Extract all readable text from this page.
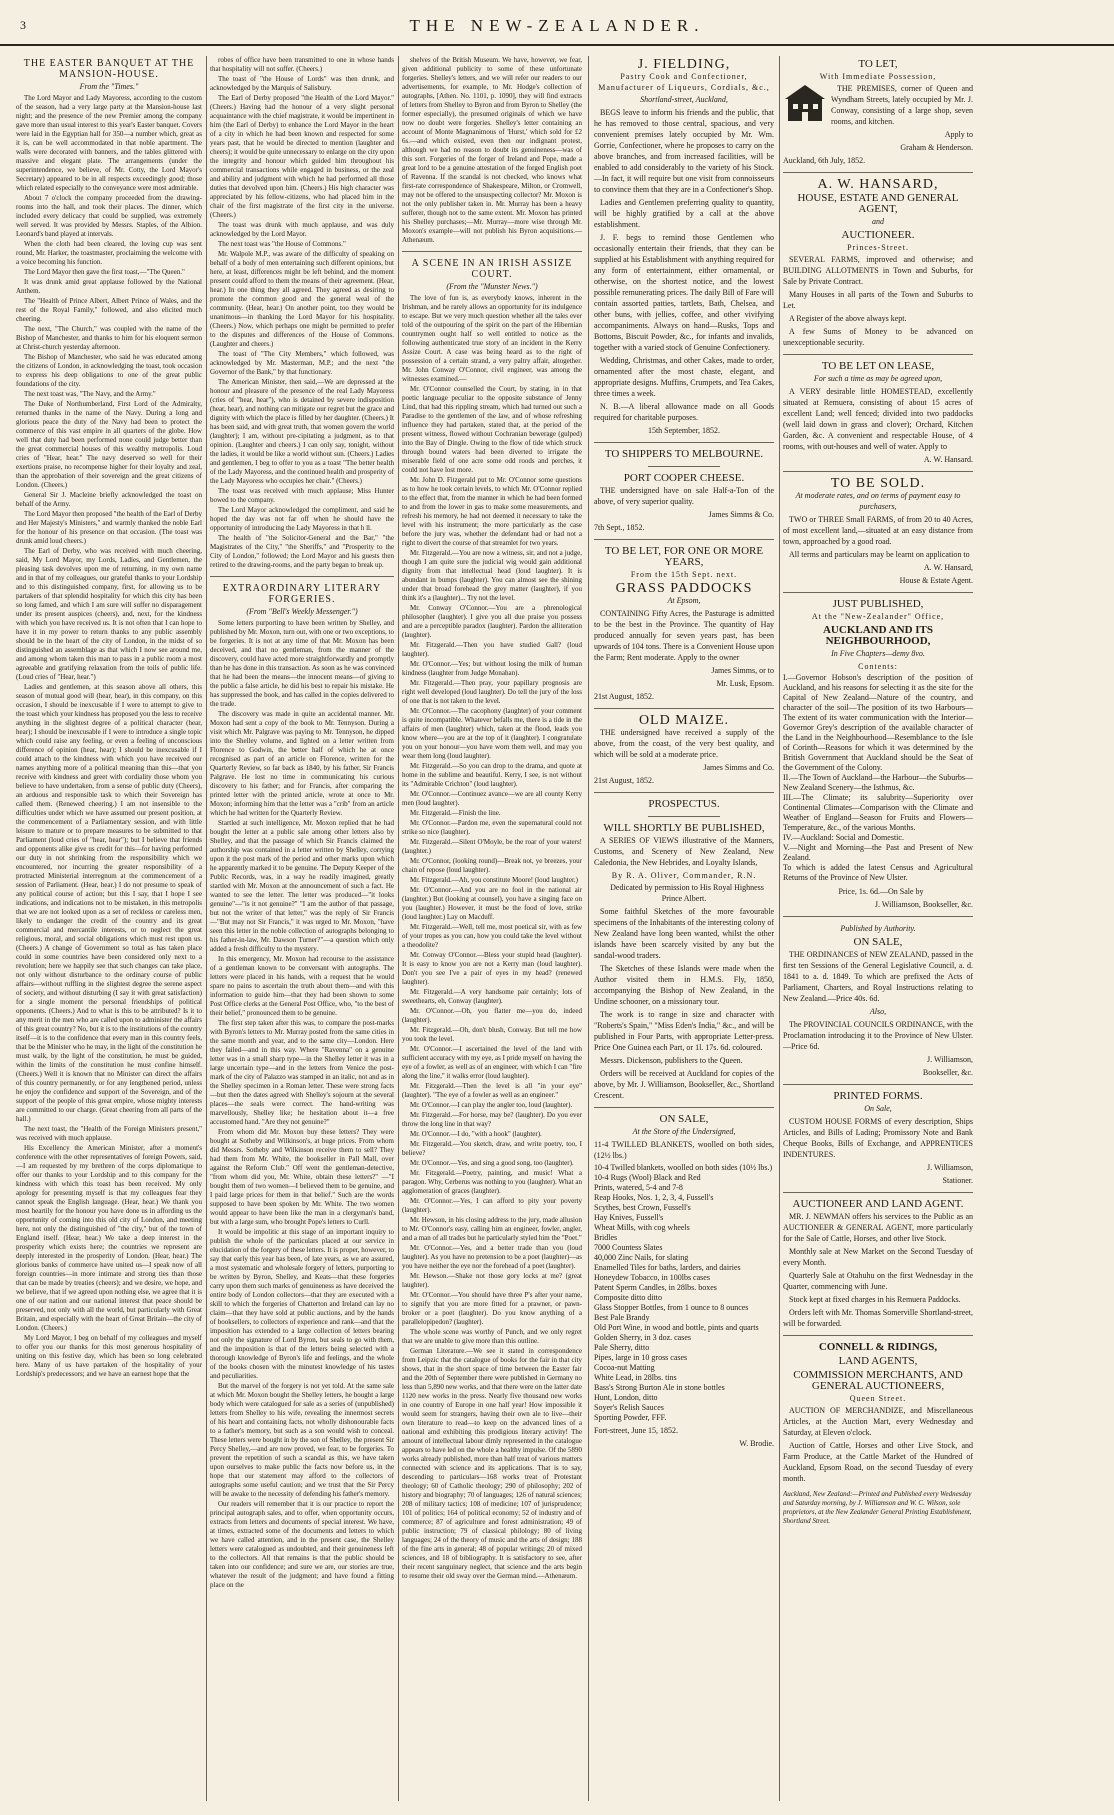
3	THE NEW-ZEALANDER.
THE EASTER BANQUET AT THE MANSION-HOUSE.
From the "Times."

The Lord Mayor and Lady Mayoress, according to the custom of the season, had a very large party at the Mansion-house last night; and the presence of the new Premier among the company gave more than usual interest to this year's Easter banquet. Covers were laid in the Egyptian hall for 350—a number which, great as it is, can be well accommodated in that noble apartment. The walls were decorated with banners, and the tables glittered with massive and elegant plate. The arrangements (under the superintendence, we believe, of Mr. Cotty, the Lord Mayor's Secretary) appeared to be in all respects exceedingly good; those which related especially to the conveyance were most admirable.

About 7 o'clock the company proceeded from the drawing-rooms into the hall, and took their places. The dinner, which included every delicacy that could be supplied, was extremely well served. It was provided by Messrs. Staples, of the Albion. Leonard's band played at intervals.

When the cloth had been cleared, the loving cup was sent round, Mr. Harker, the toastmaster, proclaiming the welcome with a voice becoming his function.

The Lord Mayor then gave the first toast,—"The Queen."

It was drunk amid great applause followed by the National Anthem.

The "Health of Prince Albert, Albert Prince of Wales, and the rest of the Royal Family," followed, and also elicited much cheering.

The next, "The Church," was coupled with the name of the Bishop of Manchester, and thanks to him for his eloquent sermon at Christ-church yesterday afternoon.

The Bishop of Manchester, who said he was educated among the citizens of London, in acknowledging the toast, took occasion to express his deep obligations to one of the great public foundations of the city.

The next toast was, "The Navy, and the Army."

The Duke of Northumberland, First Lord of the Admiralty, returned thanks in the name of the Navy. During a long and glorious peace the duty of the Navy had been to protect the commerce of this vast empire in all quarters of the globe. How well that duty had been performed none could judge better than the great commercial houses of this wealthy metropolis. Loud cries of "Hear, hear." The navy deserved so well for their exertions praise, no recompense higher for their loyalty and zeal, than the approbation of their sovereign and the great citizens of London. (Cheers.)

General Sir J. Macleine briefly acknowledged the toast on behalf of the Army.

The Lord Mayor then proposed "the health of the Earl of Derby and Her Majesty's Ministers," and warmly thanked the noble Earl for the honour of his presence on that occasion. (The toast was drunk amid loud cheers.)

The Earl of Derby, who was received with much cheering, said, My Lord Mayor, my Lords, Ladies, and Gentlemen, the pleasing task devolves upon me of returning, in my own name and in that of my colleagues, our grateful thanks to your Lordship and to this distinguished company, first, for allowing us to be partakers of that splendid hospitality for which this city has been so long famed, and which I am sure will suffer no disparagement under its present auspices (cheers), and, next, for the kindness with which you have received us. It is not often that I can hope to have it in my power to return thanks to any public assembly should be in the heart of the city of London, in the midst of so distinguished an assemblage as that which I now see around me, and among whom taken this man to pass in a public room a most agreeable and gratifying relaxation from the toils of public life. (Loud cries of "Hear, hear.")

Ladies and gentlemen, at this season above all others, this season of mutual good will (hear, hear), in this company, on this occasion, I should be inexcusable if I were to attempt to give to the toast which your kindness has proposed you the less to receive anything in the slightest degree of a political character (hear, hear); I should be inexcusable if I were to introduce a single topic which could raise any feeling, or even a feeling of unconscious difference of opinion (hear, hear); I should be inexcusable if I could attach to the kindness with which you have received our names anything more of a political meaning than this—that you receive with kindness and greet with cordiality those whom you believe to have undertaken, from a sense of public duty (Cheers), an arduous and responsible task to which their Sovereign has called them. (Renewed cheering.) I am not insensible to the difficulties under which we have assumed our present position, at the commencement of a Parliamentary session, and with little leisure to mature or to prepare measures to be submitted to that Parliament (loud cries of "hear, hear"); but I believe that friends and opponents alike give us credit for this—for having performed our duty in not shrinking from the responsibility which we encountered, nor incurring the greater responsibility of a protracted Ministerial interregnum at the commencement of a session of Parliament. (Hear, hear.) I do not presume to speak of any political course of action; but this I say, that I hope I see indications, and indications not to be mistaken, in this metropolis that we are not looked upon as a set of reckless or careless men, likely to endanger the credit of the country and its great commercial and mercantile interests, or to neglect the great religious, moral, and social obligations which must rest upon us. (Cheers.) A change of Government so total as has taken place could in some countries have been considered only next to a revolution; here we happily see that such changes can take place, not only without disturbance to the ordinary course of public affairs—without ruffling in the slightest degree the serene aspect of society, and without disturbing (I say it with great satisfaction) for a single moment the personal friendships of political opponents. (Cheers.) And to what is this to be attributed? Is it to any merit in the men who are called upon to administer the affairs of this great country? No, but it is to the institutions of the country itself—it is to the confidence that every man in this country feels, that be the Minister who he may, in the light of the constitution he must walk, by the light of the constitution, he must be guided, within the limits of the constitution he must confine himself. (Cheers.) Well it is known that no Minister can direct the affairs of this country permanently, or for any lengthened period, unless he enjoy the confidence and support of the Sovereign, and of the support of the people of this great empire, whose mighty interests are committed to our charge. (Great cheering from all parts of the hall.)

The next toast, the "Health of the Foreign Ministers present," was received with much applause.

His Excellency the American Minister, after a moment's conference with the other representatives of foreign Powers, said,—I am requested by my brethren of the corps diplomatique to offer our thanks to your Lordship and to this company for the kindness with which this toast has been received. My only apology for presenting myself is that my colleagues fear they cannot speak the English language. (Hear, hear.) We thank you most heartily for the honour you have done us in affording us the opportunity of coming into this old city of London, and meeting here, not only the distinguished of "the city," but of the town of England itself. (Hear, hear.) We take a deep interest in the prosperity which exists here; the countries we represent are deeply interested in the prosperity of London. (Hear, hear.) The glorious banks of commerce have united us—I speak now of all foreign countries—in more intimate and strong ties than those that can be made by treaties (cheers); and we desire, we hope, and we believe, that if we agreed upon nothing else, we agree that it is one of our nation and our national interest that peace should be preserved, not only with all the world, but particularly with Great Britain, and especially with the heart of Great Britain—the city of London. (Cheers.)

My Lord Mayor, I beg on behalf of my colleagues and myself to offer you our thanks for this most generous hospitality of uniting on this festive day, which has been so long celebrated here. Many of us have partaken of the hospitality of your Lordship's predecessors; and we have an earnest hope that the

robes of office have been transmitted to one in whose hands that hospitality will not suffer. (Cheers.)

The toast of "the House of Lords" was then drunk, and acknowledged by the Marquis of Salisbury.

The Earl of Derby proposed "the Health of the Lord Mayor." (Cheers.) Having had the honour of a very slight personal acquaintance with the chief magistrate, it would be impertinent in him (the Earl of Derby) to enhance the Lord Mayor in the heart of a city in which he had been known and respected for some years past, that he would be directed to mention (laughter and cheers); it would be quite unnecessary to enlarge on the city upon the integrity and honour which guided him throughout his commercial transactions while engaged in business, or the zeal and ability and judgment with which he had performed all those duties that devolved upon him. (Cheers.) His high character was appreciated by his fellow-citizens, who had placed him in the chair of the first magistrate of the first city in the universe. (Cheers.)

The toast was drunk with much applause, and was duly acknowledged by the Lord Mayor.

The next toast was "the House of Commons."

Mr. Walpole M.P., was aware of the difficulty of speaking on behalf of a body of men entertaining such different opinions, but here, at least, differences might be left behind, and the moment present could afford to them the means of their agreement. (Hear, hear.) In one thing they all agreed. They agreed as desiring to promote the common good and the general weal of the community. (Hear, hear.) On another point, too they would be unanimous—in thanking the Lord Mayor for his hospitality. (Cheers.) Now, which perhaps one might be permitted to prefer to the disputes and differences of the House of Commons. (Laughter and cheers.)

The toast of "The City Members," which followed, was acknowledged by Mr. Masterman, M.P.; and the next "the Governor of the Bank," by that functionary.

The American Minister, then said,—We are depressed at the honour and pleasure of the presence of the real Lady Mayoress (cries of "hear, hear"), who is detained by severe indisposition (hear, hear), and nothing can mitigate our regret but the grace and dignity with which the place is filled by her daughter. (Cheers.) It has been said, and with great truth, that women govern the world (laughter); I am, without pre-cipitating a judgment, as to that opinion. (Laughter and cheers.) I can only say, tonight, without the ladies, it would be like a world without sun. (Cheers.) Ladies and gentlemen, I beg to offer to you as a toast "The better health of the Lady Mayoress, and the continued health and prosperity of the Lady Mayoress who occupies her chair." (Cheers.)

The toast was received with much applause; Miss Hunter bowed to the company.

The Lord Mayor acknowledged the compliment, and said he hoped the day was not far off when he should have the opportunity of introducing the Lady Mayoress in that h ll.

The health of "the Solicitor-General and the Bar," "the Magistrates of the City," "the Sheriffs," and "Prosperity to the City of London," followed; the Lord Mayor and his guests then retired to the drawing-rooms, and the party began to break up.

EXTRAORDINARY LITERARY FORGERIES.
(From "Bell's Weekly Messenger.")

Some letters purporting to have been written by Shelley, and published by Mr. Moxon, turn out, with one or two exceptions, to be forgeries. It is not at any time of that Mr. Moxon has been deceived, and that no gentleman, from the manner of the discovery, could have acted more straightforwardly and promptly than he has done in this transaction. As soon as he was convinced that he had been the means—the innocent means—of giving to the public a false article, he did his best to repair his mistake. He has suppressed the book, and has called in the copies delivered to the trade.

The discovery was made in quite an accidental manner. Mr. Moxon had sent a copy of the book to Mr. Tennyson. During a visit which Mr. Palgrave was paying to Mr. Tennyson, he dipped into the Shelley volume, and lighted on a letter written from Florence to Godwin, the better half of which he at once recognised as part of an article on Florence, written for the Quarterly Review, so far back as 1840, by his father, Sir Francis Palgrave. He lost no time in communicating his curious discovery to his father; and for Francis, after comparing the printed letter with the printed article, wrote at once to Mr. Moxon; informing him that the letter was a "crib" from an article which he had written for the Quarterly Review.

Startled at such intelligence, Mr. Moxon replied that he had bought the letter at a public sale among other letters also by Shelley, and that the passage of which Sir Francis claimed the authorship was contained in a letter written by Shelley, corrying upon it the post mark of the period and other marks upon which he apparently marked it to be genuine. The Deputy Keeper of the Public Records, was, in a way he readily imagined, greatly startled with Mr. Moxon at the announcement of such a fact. He wanted to see the letter. The letter was produced—"it looks genuine"—"is it not genuine?" "I am the author of that passage, but not the writer of that letter," was the reply of Sir Francis —"But may not Sir Francis," it was urged to Mr. Moxon, "have seen this letter in the noble collection of autographs belonging to his father-in-law, Mr. Dawson Turner?"—a question which only added a fresh difficulty to the mystery.

In this emergency, Mr. Moxon had recourse to the assistance of a gentleman known to be conversant with autographs. The letters were placed in his hands, with a request that he would spare no pains to ascertain the truth about them—and with this information to guide him—that they had been shown to some Post Office clerks at the General Post Office, who, "to the best of their belief," pronounced them to be genuine.

The first step taken after this was, to compare the post-marks with Byron's letters to Mr. Murray posted from the same cities in the same month and year, and to the same city—London. Here they failed—and in this way. Where "Ravenna" on a genuine letter was in a small sharp type—in the Shelley letter it was in a large uncertain type—and in the letters from Venice the post-mark of the city of Palazzo was stamped in an italic, not and as in the Shelley specimen in a Roman letter. These were strong facts—but then the dates agreed with Shelley's sojourn at the several places—the seals were correct. The hand-writing was marvellously, Shelley like; he hesitation about it—a free accustomed hand. "Are they not genuine?"

From whom did Mr. Moxon buy these letters? They were bought at Sotheby and Wilkinson's, at huge prices. From whom did Messrs. Sotheby and Wilkinson receive them to sell? They had them from Mr. White, the bookseller in Pall Mall, over against the Reform Club." Off went the gentleman-detective, "from whom did you, Mr. White, obtain these letters?" —"I bought them of two women—I believed them to be genuine, and I paid large prices for them in that belief." Such are the words supposed to have been spoken by Mr. White. The two women would appear to have been like the man in a clergyman's band, but with a large sum, who brought Pope's letters to Curll.

It would be impolitic at this stage of an important inquiry to publish the whole of the particulars placed at our service in elucidation of the forgery of these letters. It is proper, however, to say that early this year has been, of late years, as we are assured, a most systematic and wholesale forgery of letters, purporting to be written by Byron, Shelley, and Keats—that these forgeries carry upon them such marks of genuineness as have deceived the entire body of London collectors—that they are executed with a skill to which the forgeries of Chatterton and Ireland can lay no claim—that they have sold at public auctions, and by the hands of booksellers, to collectors of experience and rank—and that the imposition has extended to a large collection of letters bearing not only the signature of Lord Byron, but seals to go with them, and the imposition is that of the letters being selected with a thorough knowledge of Byron's life and feelings, and the whole of the books chosen with the minutest knowledge of his tastes and peculiarities.

But the marvel of the forgery is not yet told. At the same sale at which Mr. Moxon bought the Shelley letters, he bought a large body which were catalogued for sale as a series of (unpublished) letters from Shelley to his wife, revealing the innermost secrets of his heart and containing facts, not wholly dishonourable facts to a father's memory, but such as a son would wish to conceal. These letters were bought in by the son of Shelley, the present Sir Percy Shelley,—and are now proved, we fear, to be forgeries. To prevent the repetition of such a scandal as this, we have taken upon ourselves to make public the facts now before us, in the hope that our statement may afford to the collectors of autographs some useful caution; and we trust that the Sir Percy will be awake to the necessity of defending his father's memory.

Our readers will remember that it is our practice to report the principal autograph sales, and to offer, when opportunity occurs, extracts from letters and documents of special interest. We have, at times, extracted some of the documents and letters to which we have called attention, and in the present case, the Shelley letters were catalogued as undoubted, and their genuineness left to the collectors. All that remains is that the public should be taken into our confidence; and sure we are, our stories are true, whatever the result of the judgment; and have found a fitting place on the

shelves of the British Museum. We have, however, we fear, given additional publicity to some of these unfortunate forgeries. Shelley's letters, and we will refer our readers to our advertisements, for example, to Mr. Hodge's collection of autographs, [Athen. No. 1101, p. 1090], they will find extracts of letters from Shelley to Byron and from Byron to Shelley (the former especially), the presumed originals of which we have now no doubt were forgeries. Shelley's letter containing an account of Monte Magnanimous of 'Hurst,' which sold for £2 6s.—and which existed, even then our indignant protest, although we had no reason to doubt its genuineness—was of this sort. Forgeries of the forger of Ireland and Pope, made a great lord to be a genuine attestation of the forged English poet of Ravenna. If the scandal is not checked, who knows what first-rate correspondence of Shakespeare, Milton, or Cromwell, may not be offered to the unsuspecting collector? Mr. Moxon is not the only publisher taken in. Mr. Murray has been a heavy sufferer, though not to the same extent. Mr. Moxon has printed his Shelley purchases;—Mr. Murray—more wise through Mr. Moxon's example—will not publish his Byron acquisitions.—Athenæum.

A SCENE IN AN IRISH ASSIZE COURT.
(From the "Munster News.")

The love of fun is, as everybody knows, inherent in the Irishman, and he rarely allows an opportunity for its indulgence to escape. But we very much question whether all the tales ever told of the outpouring of the spirit on the part of the Hibernian countrymen ought half so well entitled to notice as the following authenticated true story of an incident in the Kerry Assize Court. A case was being heard as to the right of possession of a certain strand, a very paltry affair, altogether. Mr. John Conway O'Connor, civil engineer, was among the witnesses examined.—

Mr. O'Connor counselled the Court, by stating, in in that poetic language peculiar to the opposite substance of Jenny Lind, that had this rippling stream, which had turned out such a Paradise to the gentlemen of the law, and of whose refreshing influence they had partaken, stated that, at the period of the present witness, flowed without Cochranian bewerage (gulped) into the Bay of Dingle. Owing to the flow of tide which struck through bound waters had been diverted to irrigate the miserable field of one acre some odd roods and perches, it could not have lost more.

Mr. John D. Fitzgerald put to Mr. O'Connor some questions as to how he took certain levels, to which Mr. O'Connor replied to the effect that, from the manner in which he had been formed to and from the lower in gas to make some measurements, and refresh his memory, he had not deemed it necessary to take the level with his instrument; the more particularly as the case before the jury was, whether the defendant had or had not a right to divert the course of that streamlet for two years.

Mr. Fitzgerald.—You are now a witness, sir, and not a judge, though I am quite sure the judicial wig would gain additional dignity from that intellectual head (loud laughter). It is abundant in bumps (laughter). You can almost see the shining under that broad forehead the grey matter (laughter), if you think it's a (laughter)... Try not the level.

Mr. Conway O'Connor.—You are a phrenological philosopher (laughter). I give you all due praise you possess and are a perceptible paradox (laughter). Pardon the alliteration (laughter).

Mr. Fitzgerald.—Then you have studied Gall? (loud laughter).

Mr. O'Connor.—Yes; but without losing the milk of human kindness (laughter from Judge Monahan).

Mr. Fitzgerald.—Then pray, your papillary prognosis are right well developed (loud laughter). Do tell the jury of the loss of one that is not taken to the level.

Mr. O'Connor.—The cacophony (laughter) of your comment is quite incompatible. Whatever befalls me, there is a tide in the affairs of men (laughter) which, taken at the flood, leads you know where—you are at the top of it (laughter). I congratulate you on your honour—you have worn them well, and may you wear them long (loud laughter).

Mr. Fitzgerald.—So you can drop to the drama, and quote at home in the sublime and beautiful. Kerry, I see, is not without its "Admirable Crichton" (loud laughter).

Mr. O'Connor.—Continuez avance—we are all county Kerry men (loud laughter).

Mr. Fitzgerald.—Finish the line.

Mr. O'Connor.—Pardon me, even the supernatural could not strike so nice (laughter).

Mr. Fitzgerald.—Silent O'Moyle, be the roar of your waters! (laughter.)

Mr. O'Connor, (looking round)—Break not, ye breezes, your chain of repose (loud laughter).

Mr. Fitzgerald.—Ah, you constitute Moore! (loud laughter.)

Mr. O'Connor.—And you are no fool in the national air (laughter.) But (looking at counsel), you have a singing face on you (laughter.) However, it must be the food of love, strike (loud laughter.) Lay on Macduff.

Mr. Fitzgerald.—Well, tell me, most poetical sir, with as few of your tropes as you can, how you could take the level without a theodolite?

Mr. Conway O'Connor.—Bless your stupid head (laughter). It is easy to know you are not a Kerry man (loud laughter). Don't you see I've a pair of eyes in my head? (renewed laughter).

Mr. Fitzgerald.—A very handsome pair certainly; lots of sweethearts, eh, Conway (laughter).

Mr. O'Connor.—Oh, you flatter me—you do, indeed (laughter).

Mr. Fitzgerald.—Oh, don't blush, Conway. But tell me how you took the level.

Mr. O'Connor.—I ascertained the level of the land with sufficient accuracy with my eye, as I pride myself on having the eye of a fowler, as well as of an engineer, with which I can "fire along the line," it walks error (loud laughter).

Mr. Fitzgerald.—Then the level is all "in your eye" (laughter). "The eye of a fowler as well as an engineer."

Mr. O'Connor.—I can play the angler too, loud (laughter).

Mr. Fitzgerald.—For horse, may be? (laughter). Do you ever throw the long line in that way?

Mr. O'Connor.—I do, "with a hook" (laughter).

Mr. Fitzgerald.—You sketch, draw, and write poetry, too, I believe?

Mr. O'Connor.—Yes, and sing a good song, too (laughter).

Mr. Fitzgerald.—Poetry, painting, and music! What a paragon. Why, Cerberus was nothing to you (laughter). What an agglomeration of graces (laughter).

Mr. O'Connor.—Yes, I can afford to pity your poverty (laughter).

Mr. Hewson, in his closing address to the jury, made allusion to Mr. O'Connor's easy, calling him an engineer, fowler, angler, and a man of all trades but he particularly styled him the "Poet."

Mr. O'Connor.—Yes, and a better trade than you (loud laughter). As you have no pretension to be a poet (laughter)—as you have neither the eye nor the forehead of a poet (laughter).

Mr. Hewson.—Shake not those gory locks at me? (great laughter).

Mr. O'Connor.—You should have three P's after your name, to signify that you are more fitted for a prawner, or pawn-broker or a poet (laughter). Do you know anything of a parallelopipedon? (laughter).

The whole scene was worthy of Punch, and we only regret that we are unable to give more than this outline.

German Literature.—We see it stated in correspondence from Leipzic that the catalogue of books for the fair in that city shows, that in the short space of time between the Easter fair and the 20th of September there were published in Germany no less than 5,890 new works, and that there were on the latter date 1120 new works in the press. Nearly five thousand new works in one country of Europe in one half year! How impossible it would seem for strangers, having their own ale to live—their own literature to read—to keep on the advanced lines of a national amd exhibiting this prodigious literary activity! The amount of intellectual labour dimly represented in the catalogue appears to have led on the whole a healthy impulse. Of the 5890 works already published, more than half treat of various matters connected with science and its applications. That is to say, descending to particulars—168 works treat of Protestant theology; 60 of Catholic theology; 290 of philosophy; 202 of history and biography; 70 of languages; 126 of natural sciences; 208 of military tactics; 108 of medicine; 107 of jurisprudence; 101 of politics; 164 of political economy; 52 of industry and of commerce; 87 of agriculture and forest administration; 49 of public instruction; 79 of classical philology; 80 of living languages; 24 of the theory of music and the arts of design; 188 of the fine arts in general; 48 of popular writings; 20 of mixed sciences, and 18 of bibliography. It is satisfactory to see, after their recent sanguinary neglect, that science and the arts begin to resume their old sway over the German mind.—Athenæum.

J. FIELDING,
Pastry Cook and Confectioner, Manufacturer of Liqueurs, Cordials, &c.,
Shortland-street, Auckland,
BEGS leave to inform his friends and the public, that he has removed to those central, spacious, and very convenient premises lately occupied by Mr. Wm. Gorrie, Confectioner, where he proposes to carry on the above branches, and from increased facilities, will be enabled to add considerably to the variety of his Stock.—In fact, it will require but one visit from connoisseurs to convince them that they are in a Confectioner's Shop.
Ladies and Gentlemen preferring quality to quantity, will be highly gratified by a call at the above establishment.
J. F. begs to remind those Gentlemen who occasionally entertain their friends, that they can be supplied at his Establishment with anything required for any form of entertainment, either ornamental, or otherwise, on the shortest notice, and the lowest possible remunerating prices. The daily Bill of Fare will contain assorted patties, tartlets, Bath, Chelsea, and other buns, with jellies, coffee, and other vivifying accompaniments. Always on hand—Rusks, Tops and Bottoms, Biscuit Powder, &c., for infants and invalids, together with a varied stock of Genuine Confectionery.
Wedding, Christmas, and other Cakes, made to order, ornamented after the most chaste, elegant, and appropriate designs. Muffins, Crumpets, and Tea Cakes, three times a week.
N. B.—A liberal allowance made on all Goods required for charitable purposes.
15th September, 1852.
TO SHIPPERS TO MELBOURNE.
PORT COOPER CHEESE.
THE undersigned have on sale Half-a-Ton of the above, of very superior quality.
James Simms & Co.
7th Sept., 1852.
TO BE LET, FOR ONE OR MORE YEARS,
From the 15th Sept. next.
GRASS PADDOCKS
At Epsom,
CONTAINING Fifty Acres, the Pasturage is admitted to be the best in the Province. The quantity of Hay produced annually for seven years past, has been upwards of 104 tons. There is a Convenient House upon the Farm; Rent moderate. Apply to the owner
James Simms, or to
Mr. Lusk, Epsom.
21st August, 1852.
OLD MAIZE.
THE undersigned have received a supply of the above, from the coast, of the very best quality, and which will be sold at a moderate price.
James Simms and Co.
21st August, 1852.
PROSPECTUS.
WILL SHORTLY BE PUBLISHED,
A SERIES OF VIEWS illustrative of the Manners, Customs, and Scenery of New Zealand, New Caledonia, the New Hebrides, and Loyalty Islands,
By R. A. Oliver, Commander, R.N.
Dedicated by permission to His Royal Highness Prince Albert.
Some faithful Sketches of the more favourable specimens of the Inhabitants of the interesting colony of New Zealand have long been wanted, whilst the other islands have been scarcely visited by any but the sandal-wood traders.
The Sketches of these Islands were made when the Author visited them in H.M.S. Fly, 1850, accompanying the Bishop of New Zealand, in the Undine schooner, on a missionary tour.
The work is to range in size and character with "Roberts's Spain," "Miss Eden's India," &c., and will be published in Four Parts, with appropriate Letter-press. Price One Guinea each Part, or 1l. 17s. 6d. coloured.
Messrs. Dickenson, publishers to the Queen.
Orders will be received at Auckland for copies of the above, by Mr. J. Williamson, Bookseller, &c., Shortland Crescent.
ON SALE,
At the Store of the Undersigned,
11-4 TWILLED BLANKETS, woolled on both sides, (12½ lbs.)
10-4 Twilled blankets, woolled on both sides (10½ lbs.)
10-4 Rugs (Wool) Black and Red
Prints, watered, 5-4 and 7-8
Reap Hooks, Nos. 1, 2, 3, 4, Fussell's
Scythes, best Crown, Fussell's
Hay Knives, Fussell's
Wheat Mills, with cog wheels
Bridles
7000 Countess Slates
40,000 Zinc Nails, for slating
Enamelled Tiles for baths, larders, and dairies
Honeydew Tobacco, in 100lbs cases
Patent Sperm Candles, in 28lbs. boxes
Composite ditto ditto
Glass Stopper Bottles, from 1 ounce to 8 ounces
Best Pale Brandy
Old Port Wine, in wood and bottle, pints and quarts
Golden Sherry, in 3 doz. cases
Pale Sherry, ditto
Pipes, large in 10 gross cases
Cocoa-nut Matting
White Lead, in 28lbs. tins
Bass's Strong Burton Ale in stone bottles
Hunt, London, ditto
Soyer's Relish Sauces
Sporting Powder, FFF.
Fort-street, June 15, 1852.
W. Brodie.
TO LET,
With Immediate Possession,
THE PREMISES, corner of Queen and Wyndham Streets, lately occupied by Mr. J. Conway, consisting of a large shop, seven rooms, and kitchen.
Apply to
Graham & Henderson.
Auckland, 6th July, 1852.
A. W. HANSARD,
HOUSE, ESTATE AND GENERAL AGENT,
and
AUCTIONEER.
Princes-Street.
SEVERAL FARMS, improved and otherwise; and BUILDING ALLOTMENTS in Town and Suburbs, for Sale by Private Contract.
Many Houses in all parts of the Town and Suburbs to Let.
A Register of the above always kept.
A few Sums of Money to be advanced on unexceptionable security.
TO BE LET ON LEASE,
For such a time as may be agreed upon,
A VERY desirable little HOMESTEAD, excellently situated at Remuera, consisting of about 15 acres of excellent Land; well fenced; divided into two paddocks (well laid down in grass and clover); Orchard, Kitchen Garden, &c. A convenient and respectable House, of 4 rooms, with out-houses and well of water. Apply to
A. W. Hansard.
TO BE SOLD.
At moderate rates, and on terms of payment easy to purchasers,
TWO or THREE Small FARMS, of from 20 to 40 Acres, of most excellent land,—situated at an easy distance from town, approached by a good road.
All terms and particulars may be learnt on application to
A. W. Hansard,
House & Estate Agent.
JUST PUBLISHED,
At the "New-Zealander" Office,
AUCKLAND AND ITS NEIGHBOURHOOD,
In Five Chapters—demy 8vo.
Contents:
I.—Governor Hobson's description of the position of Auckland, and his reasons for selecting it as the site for the Capital of New Zealand—Nature of the country, and character of the soil—The position of its two Harbours—The extent of its water communication with the Interior—Governor Grey's description of the available character of the Land in the Neighbourhood—Resemblance to the Isle of Corinth—Reasons for which it was determined by the British Government that Auckland should be the Seat of the Government of the Colony.
II.—The Town of Auckland—the Harbour—the Suburbs—New Zealand Scenery—the Isthmus, &c.
III.—The Climate; its salubrity—Superiority over Continental Climates—Comparison with the Climate and Weather of England—Season for Fruits and Flowers—Temperature, &c., of the various Months.
IV.—Auckland: Social and Domestic.
V.—Night and Morning—the Past and Present of New Zealand.
To which is added the latest Census and Agricultural Returns of the Province of New Ulster.
Price, 1s. 6d.—On Sale by
J. Williamson, Bookseller, &c.
Published by Authority.
ON SALE,
THE ORDINANCES of NEW ZEALAND, passed in the first ten Sessions of the General Legislative Council, a. d. 1841 to a. d. 1849. To which are prefixed the Acts of Parliament, Charters, and Royal Instructions relating to New Zealand.—Price 40s. 6d.
Also,
The PROVINCIAL COUNCILS ORDINANCE, with the Proclamation introducing it to the Province of New Ulster.—Price 6d.
J. Williamson,
Bookseller, &c.
PRINTED FORMS.
On Sale,
CUSTOM HOUSE FORMS of every description, Ships Articles, and Bills of Lading; Promissory Note and Bank Cheque Books, Bills of Exchange, and APPRENTICES INDENTURES.
J. Williamson,
Stationer.
AUCTIONEER AND LAND AGENT.
MR. J. NEWMAN offers his services to the Public as an AUCTIONEER & GENERAL AGENT, more particularly for the Sale of Cattle, Horses, and other live Stock.
Monthly sale at New Market on the Second Tuesday of every Month.
Quarterly Sale at Otahuhu on the first Wednesday in the Quarter, commencing with June.
Stock kept at fixed charges in his Remuera Paddocks.
Orders left with Mr. Thomas Somerville Shortland-street, will be forwarded.
CONNELL & RIDINGS,
LAND AGENTS,
COMMISSION MERCHANTS, AND GENERAL AUCTIONEERS,
Queen Street.
AUCTION OF MERCHANDIZE, and Miscellaneous Articles, at the Auction Mart, every Wednesday and Saturday, at Eleven o'clock.
Auction of Cattle, Horses and other Live Stock, and Farm Produce, at the Cattle Market of the Hundred of Auckland, Epsom Road, on the second Tuesday of every month.
Auckland, New Zealand:—Printed and Published every Wednesday and Saturday morning, by J. Williamson and W. C. Wilson, sole proprietors, at the New Zealander General Printing Establishment, Shortland Street.
